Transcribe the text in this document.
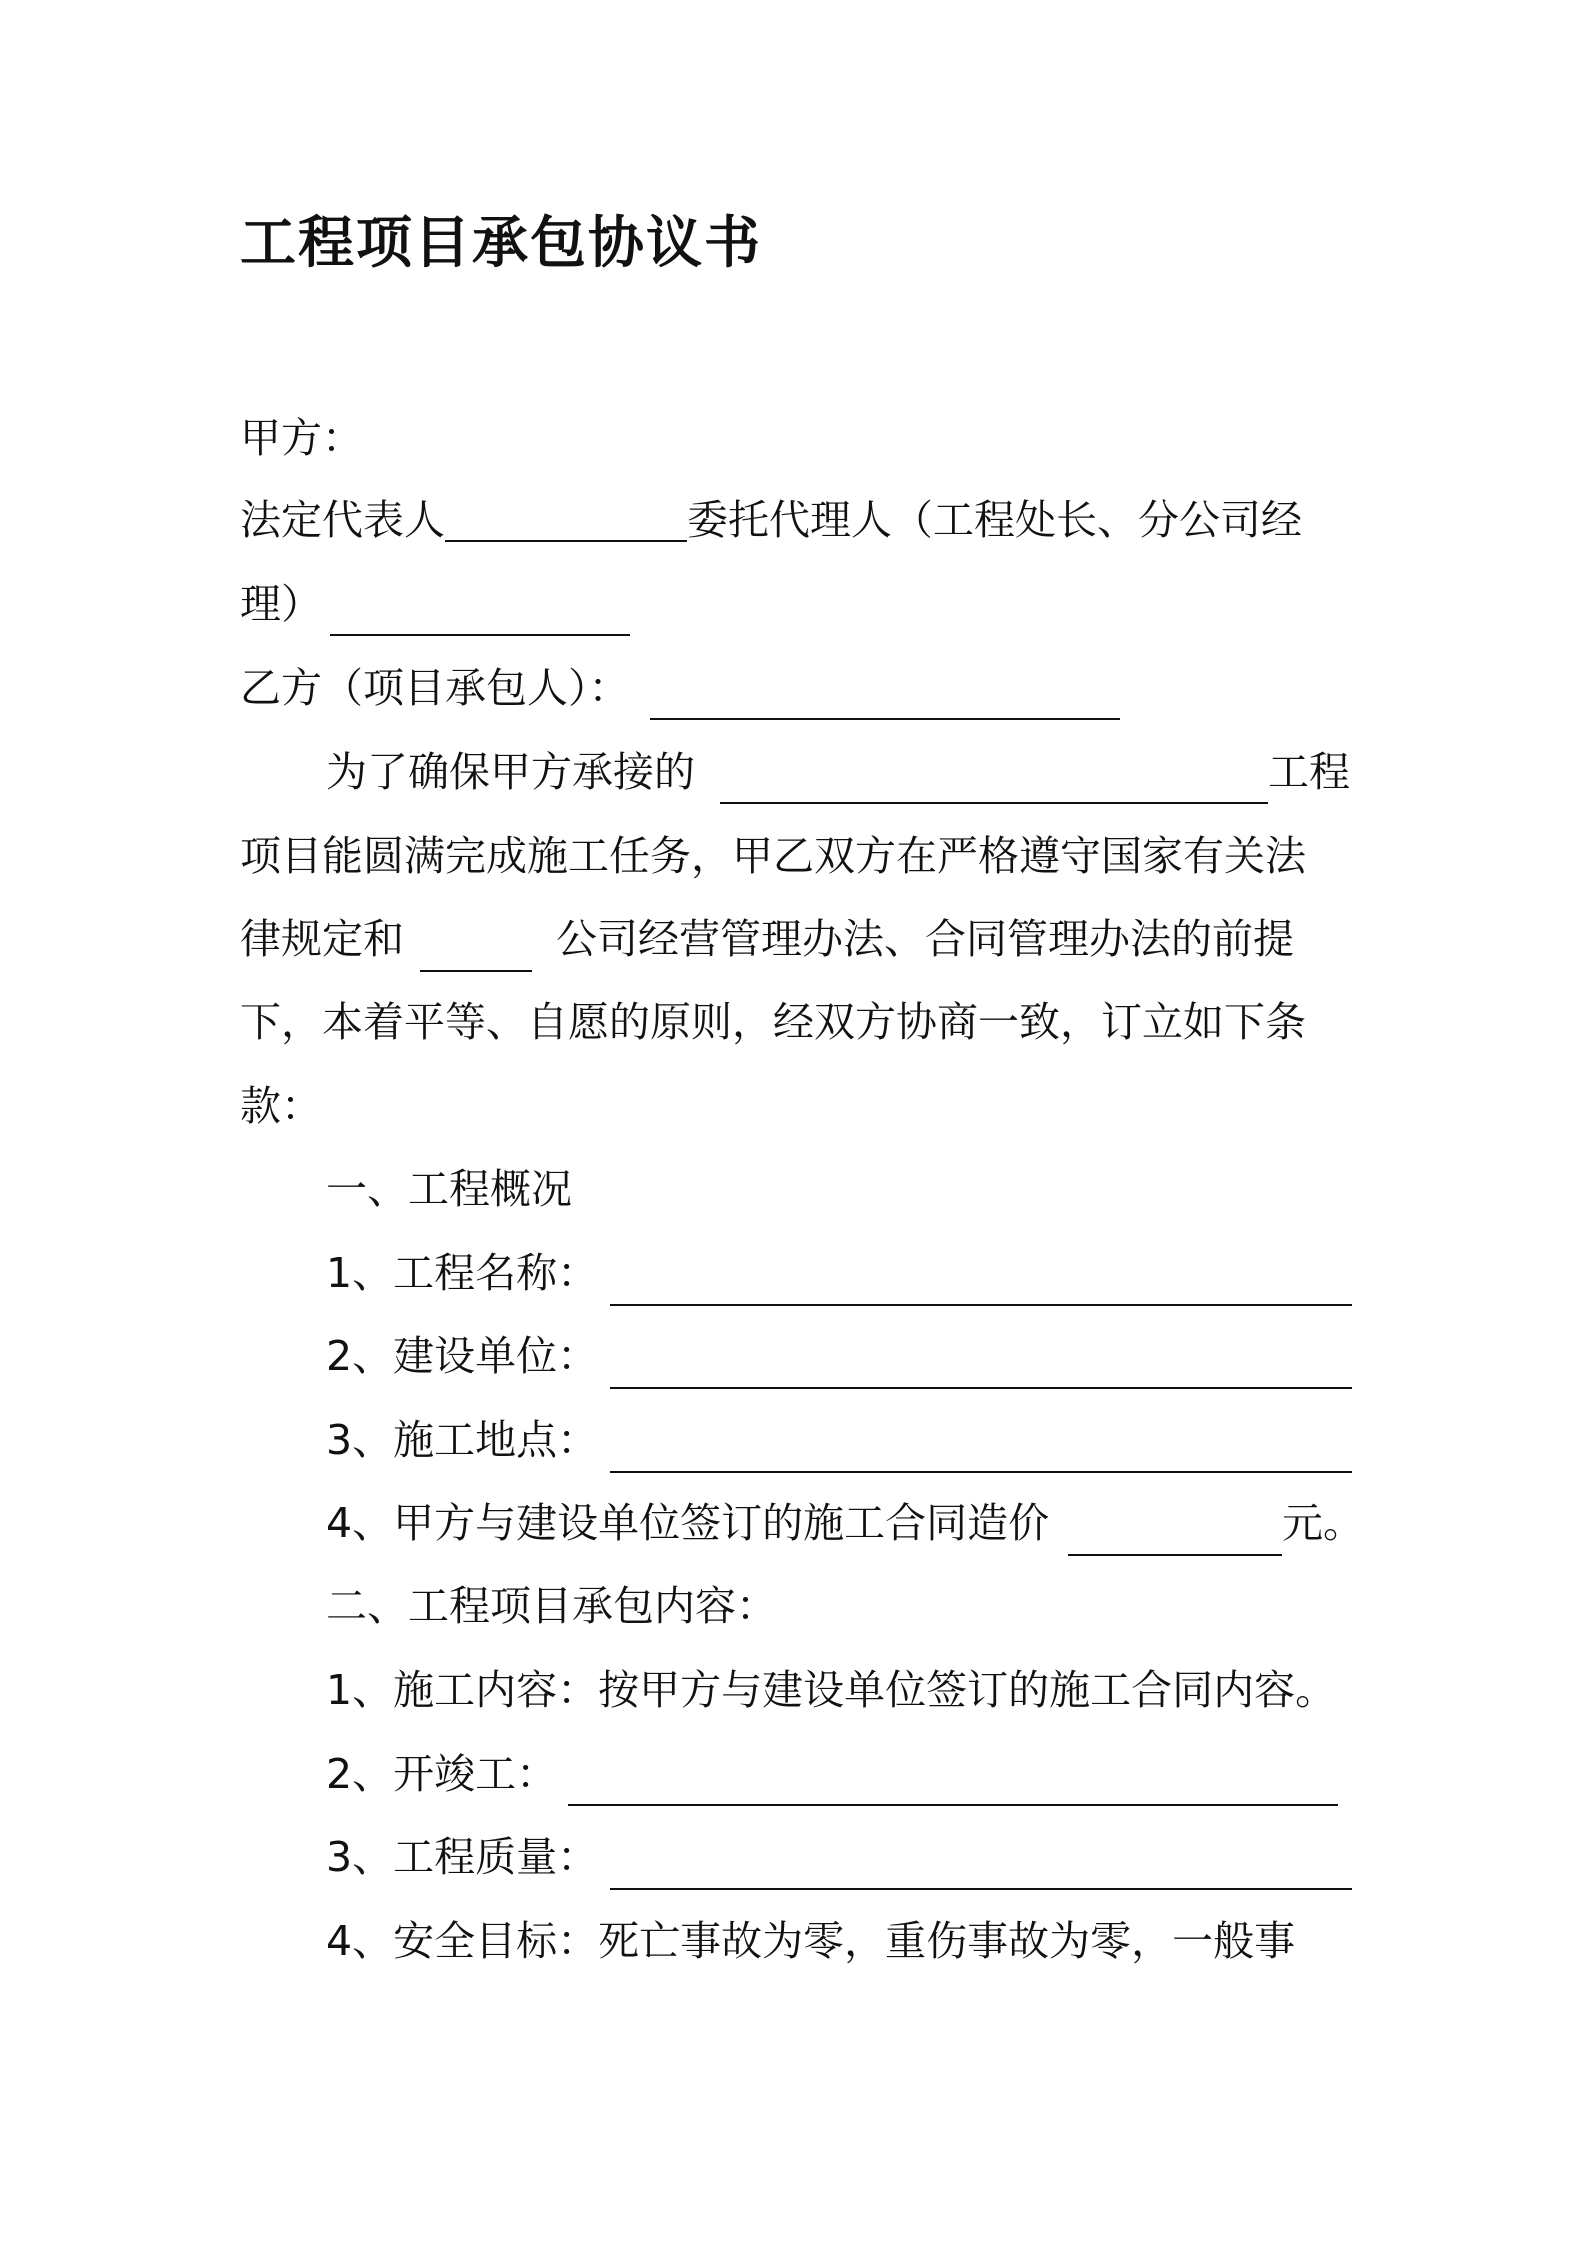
工程项目承包协议书
甲方：
法定代表人	委托代理人（工程处长、分公司经
理）
乙方（项目承包人）：
为了确保甲方承接的	工程
项目能圆满完成施工任务，甲乙双方在严格遵守国家有关法
律规定和	公司经营管理办法、合同管理办法的前提
下，本着平等、自愿的原则，经双方协商一致，订立如下条
款：
一、工程概况
1、工程名称：
2、建设单位：
3、施工地点：
4、甲方与建设单位签订的施工合同造价	元。
二、工程项目承包内容：
1、施工内容：按甲方与建设单位签订的施工合同内容。
2、开竣工：
3、工程质量：
4、安全目标：死亡事故为零，重伤事故为零，一般事
